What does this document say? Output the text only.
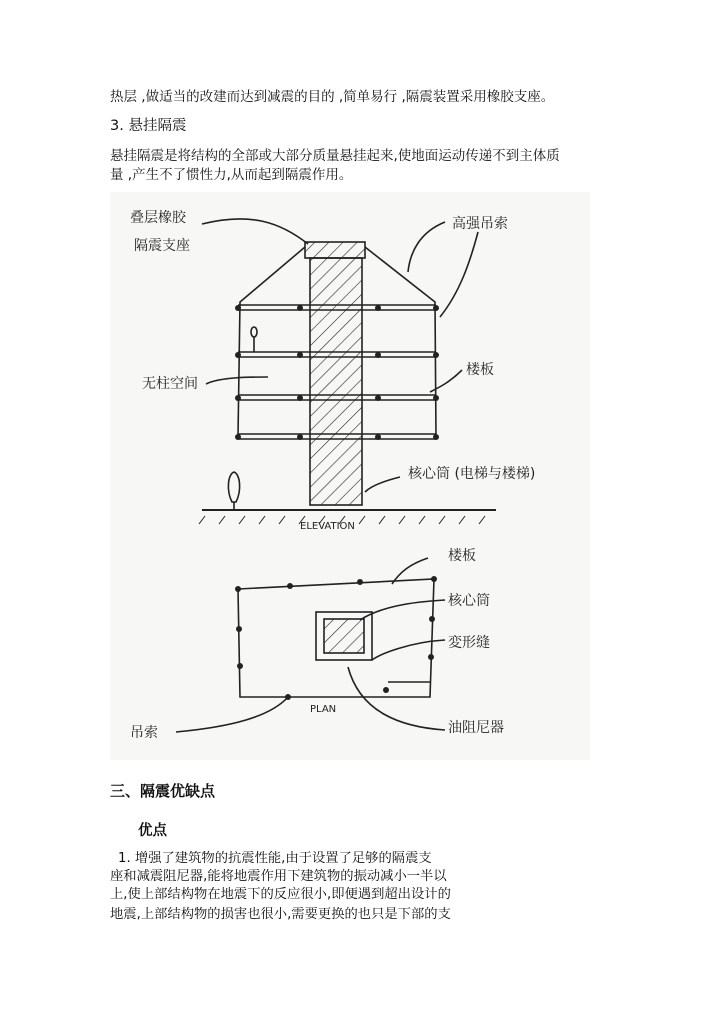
热层 ,做适当的改建而达到减震的目的 ,简单易行 ,隔震装置采用橡胶支座。
3. 悬挂隔震
悬挂隔震是将结构的全部或大部分质量悬挂起来,使地面运动传递不到主体质
量 ,产生不了惯性力,从而起到隔震作用。
叠层橡胶
隔震支座
高强吊索
楼板
无柱空间
核心筒 (电梯与楼梯)
ELEVATION
楼板
核心筒
変形缝
吊索	油阻尼器
PLAN
三、隔震优缺点
优点
1. 增强了建筑物的抗震性能,由于设置了足够的隔震支
座和减震阻尼器,能将地震作用下建筑物的振动减小一半以
上,使上部结构物在地震下的反应很小,即便遇到超出设计的
地震,上部结构物的损害也很小,需要更换的也只是下部的支
